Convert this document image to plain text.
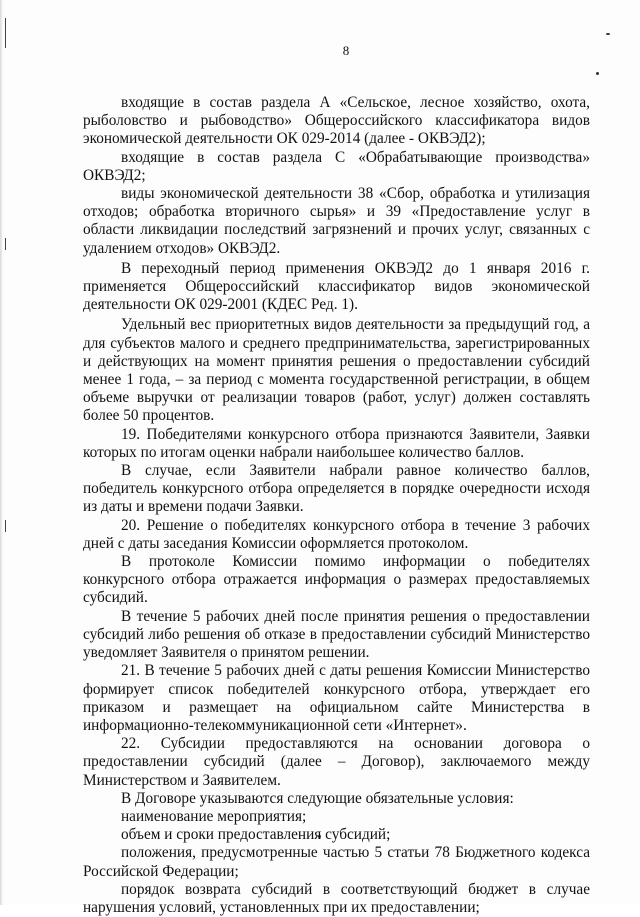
8

входящие в состав раздела А «Сельское, лесное хозяйство, охота, рыболовство и рыбоводство» Общероссийского классификатора видов экономической деятельности ОК 029-2014 (далее - ОКВЭД2);

входящие в состав раздела С «Обрабатывающие производства» ОКВЭД2;

виды экономической деятельности 38 «Сбор, обработка и утилизация отходов; обработка вторичного сырья» и 39 «Предоставление услуг в области ликвидации последствий загрязнений и прочих услуг, связанных с удалением отходов» ОКВЭД2.

В переходный период применения ОКВЭД2 до 1 января 2016 г. применяется Общероссийский классификатор видов экономической деятельности ОК 029-2001 (КДЕС Ред. 1).

Удельный вес приоритетных видов деятельности за предыдущий год, а для субъектов малого и среднего предпринимательства, зарегистрированных и действующих на момент принятия решения о предоставлении субсидий менее 1 года, – за период с момента государственной регистрации, в общем объеме выручки от реализации товаров (работ, услуг) должен составлять более 50 процентов.

19. Победителями конкурсного отбора признаются Заявители, Заявки которых по итогам оценки набрали наибольшее количество баллов.

В случае, если Заявители набрали равное количество баллов, победитель конкурсного отбора определяется в порядке очередности исходя из даты и времени подачи Заявки.

20. Решение о победителях конкурсного отбора в течение 3 рабочих дней с даты заседания Комиссии оформляется протоколом.

В протоколе Комиссии помимо информации о победителях конкурсного отбора отражается информация о размерах предоставляемых субсидий.

В течение 5 рабочих дней после принятия решения о предоставлении субсидий либо решения об отказе в предоставлении субсидий Министерство уведомляет Заявителя о принятом решении.

21. В течение 5 рабочих дней с даты решения Комиссии Министерство формирует список победителей конкурсного отбора, утверждает его приказом и размещает на официальном сайте Министерства в информационно-телекоммуникационной сети «Интернет».

22. Субсидии предоставляются на основании договора о предоставлении субсидий (далее – Договор), заключаемого между Министерством и Заявителем.

В Договоре указываются следующие обязательные условия:

наименование мероприятия;

объем и сроки предоставления субсидий;

положения, предусмотренные частью 5 статьи 78 Бюджетного кодекса Российской Федерации;

порядок возврата субсидий в соответствующий бюджет в случае нарушения условий, установленных при их предоставлении;
